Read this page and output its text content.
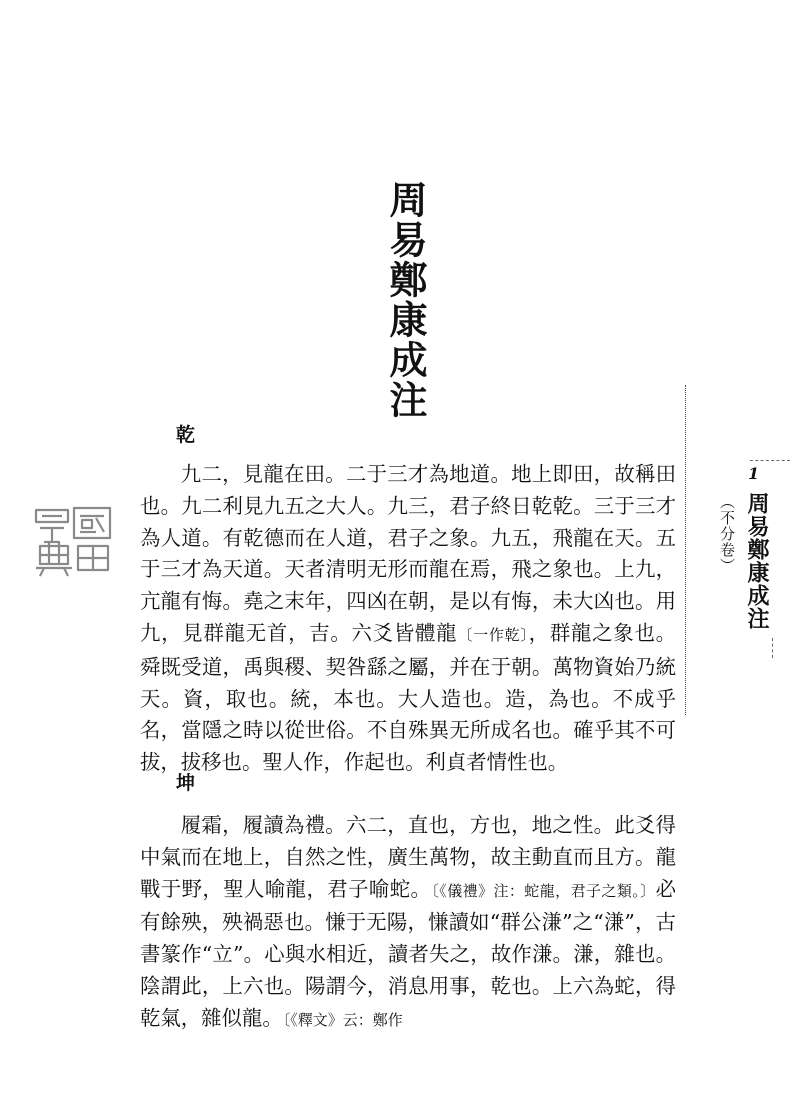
周易鄭康成注
乾

九二，見龍在田。二于三才為地道。地上即田，故稱田也。九二利見九五之大人。九三，君子終日乾乾。三于三才為人道。有乾德而在人道，君子之象。九五，飛龍在天。五于三才為天道。天者清明无形而龍在焉，飛之象也。上九，亢龍有悔。堯之末年，四凶在朝，是以有悔，未大凶也。用九，見群龍无首，吉。六爻皆體龍〔一作乾〕，群龍之象也。舜既受道，禹與稷、契咎繇之屬，并在于朝。萬物資始乃統天。資，取也。統，本也。大人造也。造，為也。不成乎名，當隱之時以從世俗。不自殊異无所成名也。確乎其不可拔，拔移也。聖人作，作起也。利貞者情性也。

坤

履霜，履讀為禮。六二，直也，方也，地之性。此爻得中氣而在地上，自然之性，廣生萬物，故主動直而且方。龍戰于野，聖人喻龍，君子喻蛇。〔《儀禮》注：蛇龍，君子之類。〕必有餘殃，殃禍惡也。慊于无陽，慊讀如“群公溓”之“溓”，古書篆作“立”。心與水相近，讀者失之，故作溓。溓，雜也。陰謂此，上六也。陽謂今，消息用事，乾也。上六為蛇，得乾氣，雜似龍。〔《釋文》云：鄭作

1
周易鄭康成注
（不分卷）
